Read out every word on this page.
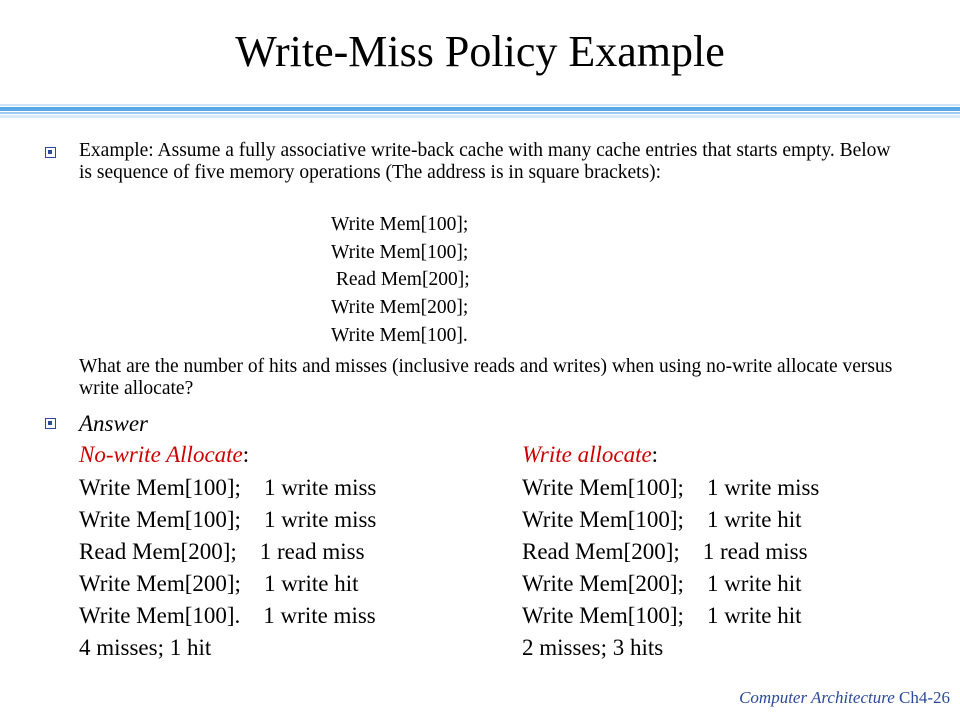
Write-Miss Policy Example
Example: Assume a fully associative write-back cache with many cache entries that starts empty. Below is sequence of five memory operations (The address is in square brackets):
Write Mem[100];
Write Mem[100];
Read Mem[200];
Write Mem[200];
Write Mem[100].
What are the number of hits and misses (inclusive reads and writes) when using no-write allocate versus write allocate?
Answer
No-write Allocate:	Write allocate:
Write Mem[100];    1 write miss
Write Mem[100];    1 write miss
Read Mem[200];    1 read miss
Write Mem[200];    1 write hit
Write Mem[100].    1 write miss
4 misses; 1 hit
Write Mem[100];    1 write miss
Write Mem[100];    1 write hit
Read Mem[200];    1 read miss
Write Mem[200];    1 write hit
Write Mem[100];    1 write hit
2 misses; 3 hits
Computer Architecture Ch4-26
